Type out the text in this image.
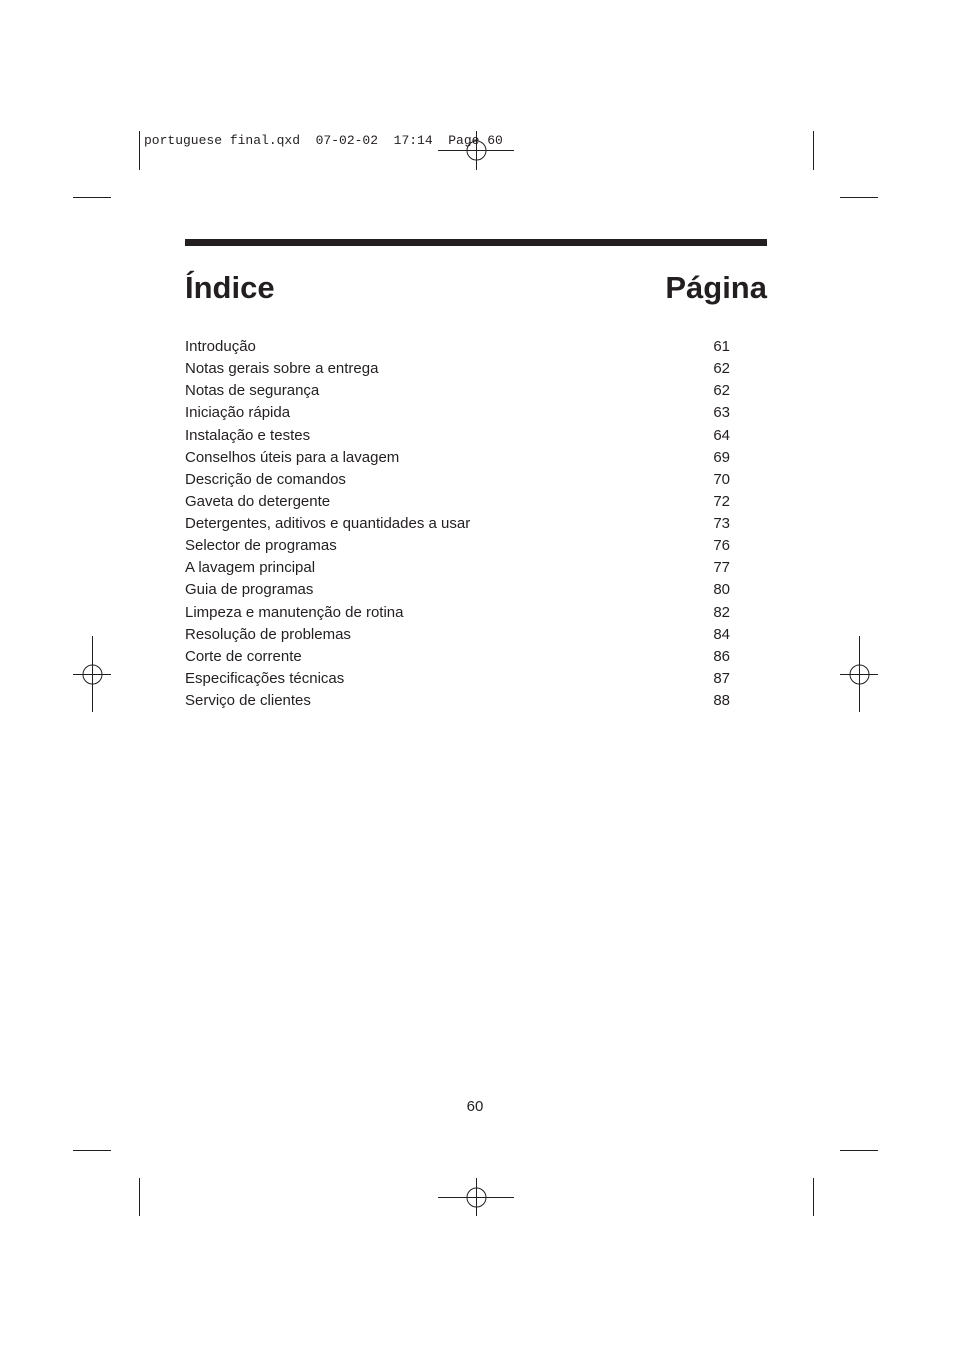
portuguese final.qxd  07-02-02  17:14  Page 60
Índice	Página
Introdução	61
Notas gerais sobre a entrega	62
Notas de segurança	62
Iniciação rápida	63
Instalação e testes	64
Conselhos úteis para a lavagem	69
Descrição de comandos	70
Gaveta do detergente	72
Detergentes, aditivos e quantidades a usar	73
Selector de programas	76
A lavagem principal	77
Guia de programas	80
Limpeza e manutenção de rotina	82
Resolução de problemas	84
Corte de corrente	86
Especificações técnicas	87
Serviço de clientes	88
60
